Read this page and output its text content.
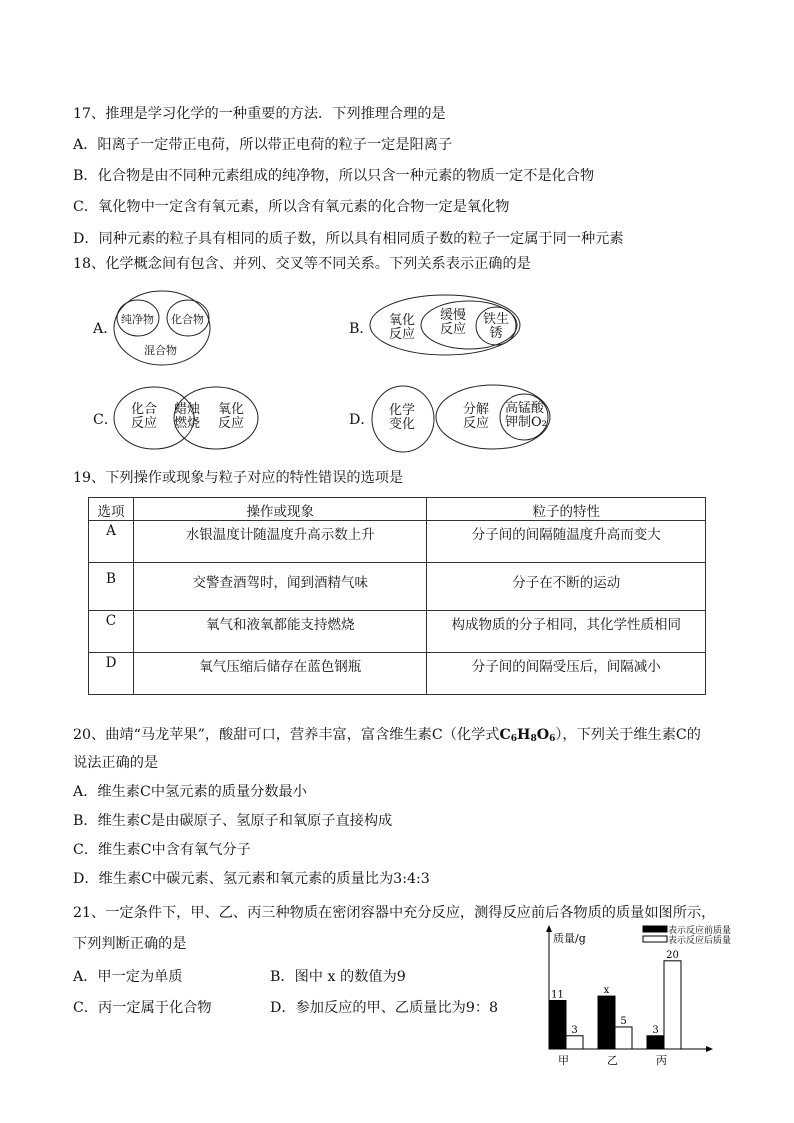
17、推理是学习化学的一种重要的方法．下列推理合理的是
A．阳离子一定带正电荷，所以带正电荷的粒子一定是阳离子
B．化合物是由不同种元素组成的纯净物，所以只含一种元素的物质一定不是化合物
C．氧化物中一定含有氧元素，所以含有氧元素的化合物一定是氧化物
D．同种元素的粒子具有相同的质子数，所以具有相同质子数的粒子一定属于同一种元素
18、化学概念间有包含、并列、交叉等不同关系。下列关系表示正确的是
A．
纯净物 化合物
混合物
B．
氧化
反应
缓慢
反应
铁生
锈
C．
化合
反应
蜡烛
燃烧
氧化
反应	D．
化学
变化
分解
反应
高锰酸
钾制O₂
19、下列操作或现象与粒子对应的特性错误的选项是
选项	操作或现象	粒子的特性
A	水银温度计随温度升高示数上升	分子间的间隔随温度升高而变大
B	交警查酒驾时，闻到酒精气味	分子在不断的运动
C	氧气和液氧都能支持燃烧	构成物质的分子相同，其化学性质相同
D	氧气压缩后储存在蓝色钢瓶	分子间的间隔受压后，间隔减小
20、曲靖“马龙苹果”，酸甜可口，营养丰富，富含维生素C（化学式$C_6H_8O_6$），下列关于维生素C的
说法正确的是
A．维生素C中氢元素的质量分数最小
B．维生素C是由碳原子、氢原子和氧原子直接构成
C．维生素C中含有氧气分子
D．维生素C中碳元素、氢元素和氧元素的质量比为3:4:3
21、一定条件下，甲、乙、丙三种物质在密闭容器中充分反应，测得反应前后各物质的质量如图所示，
下列判断正确的是
A．甲一定为单质	B．图中 x 的数值为9
C．丙一定属于化合物	D．参加反应的甲、乙质量比为9：8
质量/g
表示反应前质量
表示反应后质量
11
3
甲
x
5
乙
3
20
丙
